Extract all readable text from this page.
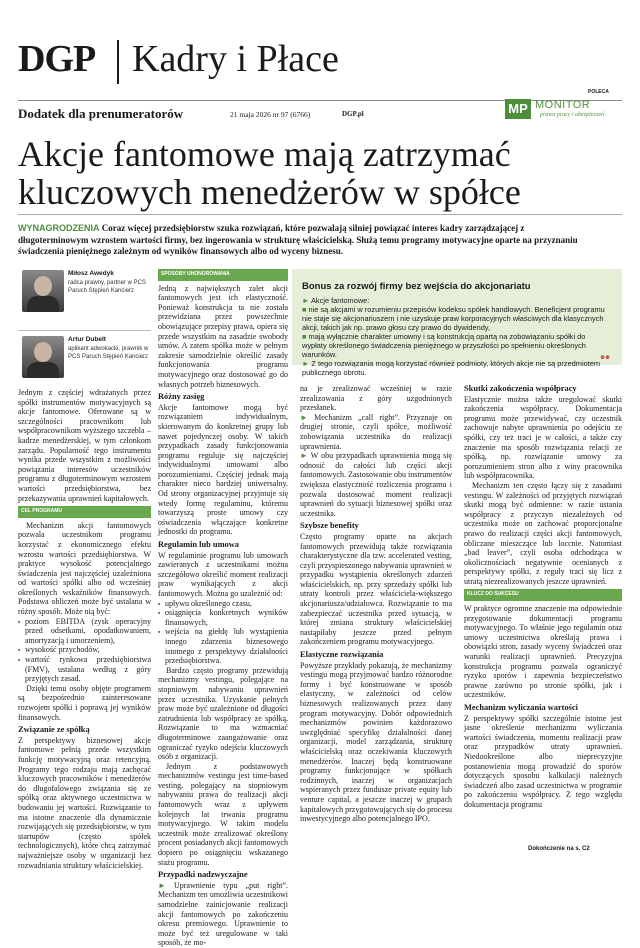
DGP Kadry i Płace
Dodatek dla prenumeratorów	21 maja 2026 nr 97 (6766)	DGP.pl
POLECA
MP MONITOR
prawa pracy i ubezpieczeń
Akcje fantomowe mają zatrzymać kluczowych menedżerów w spółce
WYNAGRODZENIA Coraz więcej przedsiębiorstw szuka rozwiązań, które pozwalają silniej powiązać interes kadry zarządzającej z długoterminowym wzrostem wartości firmy, bez ingerowania w strukturę właścicielską. Służą temu programy motywacyjne oparte na przyznaniu świadczenia pieniężnego zależnym od wyników finansowych albo od wyceny biznesu.
Miłosz Awedyk
radca prawny, partner w PCS Paruch Stępień Kancierz
Artur Dubelt
aplikant adwokacki, prawnik w PCS Paruch Stępień Kancierz

Jednym z częściej wdrażanych przez spółki instrumentów motywacyjnych są akcje fantomowe. Oferowane są w szczególności pracownikom lub współpracownikom wyższego szczebla – kadrze menedżerskiej, w tym członkom zarządu. Popularność tego instrumentu wynika przede wszystkim z możliwości powiązania interesów uczestników programu z długoterminowym wzrostem wartości przedsiębiorstwa, bez przekazywania uprawnień kapitałowych.

CEL PROGRAMU

Mechanizm akcji fantomowych pozwala uczestnikom programu korzystać z ekonomicznego efektu wzrostu wartości przedsiębiorstwa. W praktyce wysokość potencjalnego świadczenia jest najczęściej uzależniona od wartości spółki albo od wcześniej określonych wskaźników finansowych. Podstawa obliczeń może być ustalana w różny sposób. Może nią być:

■ poziom EBITDA (zysk operacyjny przed odsetkami, opodatkowaniem, amortyzacją i umorzeniem),
■ wysokość przychodów,
■ wartość rynkowa przedsiębiorstwa (FMV), ustalana według z góry przyjętych zasad.

Dzięki temu osoby objęte programem są bezpośrednio zainteresowane rozwojem spółki i poprawą jej wyników finansowych.

Związanie ze spółką

Z perspektywy biznesowej akcje fantomowe pełnią przede wszystkim funkcję motywacyjną oraz retencyjną. Programy tego rodzaju mają zachęcać kluczowych pracowników i menedżerów do długofalowego związania się ze spółką oraz aktywnego uczestnictwa w budowaniu jej wartości. Rozwiązanie to ma istotne znaczenie dla dynamicznie rozwijających się przedsiębiorstw, w tym startupów (często spółek technologicznych), które chcą zatrzymać najważniejsze osoby w organizacji bez rozwadniania struktury właścicielskiej.

SPOSOBY UHONOROWANIA

Jedną z największych zalet akcji fantomowych jest ich elastyczność. Ponieważ konstrukcja ta nie została przewidziana przez powszechnie obowiązujące przepisy prawa, opiera się przede wszystkim na zasadzie swobody umów. A zatem spółka może w pełnym zakresie samodzielnie określić zasady funkcjonowania programu motywacyjnego oraz dostosować go do własnych potrzeb biznesowych.

Różny zasięg

Akcje fantomowe mogą być rozwiązaniem indywidualnym, skierowanym do konkretnej grupy lub nawet pojedynczej osoby. W takich przypadkach zasady funkcjonowania programu reguluje się najczęściej indywidualnymi umowami albo porozumieniami. Częściej jednak mają charakter nieco bardziej uniwersalny. Od strony organizacyjnej przyjmuje się wtedy formę regulaminu, któremu towarzyszą proste umowy czy oświadczenia włączające konkretne jednostki do programu.

Regulamin lub umowa

W regulaminie programu lub umowach zawieranych z uczestnikami można szczegółowo określić moment realizacji praw wynikających z akcji fantomowych. Można go uzależnić od:

■ upływu określonego czasu,
■ osiągnięcia konkretnych wyników finansowych,
■ wejścia na giełdę lub wystąpienia innego zdarzenia biznesowego istotnego z perspektywy działalności przedsiębiorstwa.

Bardzo często programy przewidują mechanizmy vestingu, polegające na stopniowym nabywaniu uprawnień przez uczestnika. Uzyskanie pełnych praw może być uzależnione od długości zatrudnienia lub współpracy ze spółką. Rozwiązanie to ma wzmacniać długoterminowe zaangażowanie oraz ograniczać ryzyko odejścia kluczowych osób z organizacji.

Jednym z podstawowych mechanizmów vestingu jest time-based vesting, polegający na stopniowym nabywaniu prawa do realizacji akcji fantomowych wraz z upływem kolejnych lat trwania programu motywacyjnego. W takim modelu uczestnik może zrealizować określony procent posiadanych akcji fantomowych dopiero po osiągnięciu wskazanego stażu programu.

Przypadki nadzwyczajne

► Uprawnienie typu „put right”. Mechanizm ten umożliwia uczestnikowi samodzielne zainicjowanie realizacji akcji fantomowych po zakończeniu okresu premiowego. Uprawnienie to może być też uregulowane w taki sposób, że mo-

Bonus za rozwój firmy bez wejścia do akcjonariatu

► Akcje fantomowe:

■ nie są akcjami w rozumieniu przepisów kodeksu spółek handlowych. Beneficjent programu nie staje się akcjonariuszem i nie uzyskuje praw korporacyjnych właściwych dla klasycznych akcji, takich jak np. prawo głosu czy prawo do dywidendy,

■ mają wyłącznie charakter umowny i są konstrukcją opartą na zobowiązaniu spółki do wypłaty określonego świadczenia pieniężnego w przyszłości po spełnieniu określonych warunków.

► Z tego rozwiązania mogą korzystać również podmioty, których akcje nie są przedmiotem publicznego obrotu.

⊕⊕

na je zrealizować wcześniej w razie zrealizowania z góry uzgodnionych przesłanek.

► Mechanizm „call right”. Przyznaje on drugiej stronie, czyli spółce, możliwość zobowiązania uczestnika do realizacji uprawnienia.

► W obu przypadkach uprawnienia mogą się odnosić do całości lub części akcji fantomowych. Zastosowanie obu instrumentów zwiększa elastyczność rozliczenia programu i pozwala dostosować moment realizacji uprawnień do sytuacji biznesowej spółki oraz uczestnika.

Szybsze benefity

Często programy oparte na akcjach fantomowych przewidują także rozwiązania charakterystyczne dla tzw. accelerated vesting, czyli przyspieszonego nabywania uprawnień w przypadku wystąpienia określonych zdarzeń właścicielskich, np. przy sprzedaży spółki lub utraty kontroli przez właściciela-większego akcjonariusza/udziałowca. Rozwiązanie to ma zabezpieczać uczestnika przed sytuacją, w której zmiana struktury właścicielskiej nastąpiłaby jeszcze przed pełnym zakończeniem programu motywacyjnego.

Elastyczne rozwiązania

Powyższe przykłady pokazują, że mechanizmy vestingu mogą przyjmować bardzo różnorodne formy i być konstruowane w sposób elastyczny, w zależności od celów biznesowych realizowanych przez dany program motywacyjny. Dobór odpowiednich mechanizmów powinien każdorazowo uwzględniać specyfikę działalności danej organizacji, model zarządzania, strukturę właścicielską oraz oczekiwania kluczowych menedżerów. Inaczej będą konstruowane programy funkcjonujące w spółkach rodzinnych, inaczej w organizacjach wspieranych przez fundusze private equity lub venture capital, a jeszcze inaczej w grupach kapitałowych przygotowujących się do procesu inwestycyjnego albo potencjalnego IPO.

Skutki zakończenia współpracy

Elastycznie można także uregulować skutki zakończenia współpracy. Dokumentacja programu może przewidywać, czy uczestnik zachowuje nabyte uprawnienia po odejściu ze spółki, czy też traci je w całości, a także czy znaczenie ma sposób rozwiązania relacji ze spółką, np. rozwiązanie umowy za porozumieniem stron albo z winy pracownika lub współpracownika.

Mechanizm ten często łączy się z zasadami vestingu. W zależności od przyjętych rozwiązań skutki mogą być odmienne: w razie ustania współpracy z przyczyn niezależnych od uczestnika może on zachować proporcjonalne prawo do realizacji części akcji fantomowych, obliczane mieszczące lub loccnie. Natomiast „bad leaver”, czyli osoba odchodząca w okolicznościach negatywnie ocenianych z perspektywy spółki, z reguły traci się licz z utratą niezrealizowanych jeszcze uprawnień.

KLUCZ DO SUKCESU

W praktyce ogromne znaczenie ma odpowiednie przygotowanie dokumentacji programu motywacyjnego. To właśnie jego regulamin oraz umowy uczestnictwa określają prawa i obowiązki stron, zasady wyceny świadczeń oraz warunki realizacji uprawnień. Precyzyjna konstrukcja programu pozwala ograniczyć ryzyko sporów i zapewnia bezpieczeństwo prawne zarówno po stronie spółki, jak i uczestników.

Mechanizm wyliczania wartości

Z perspektywy spółki szczególnie istotne jest jasne określenie mechanizmu wyliczania wartości świadczenia, momentu realizacji praw oraz przypadków utraty uprawnień. Niedookreślone albo nieprecyzyjne postanowienia mogą prowadzić do sporów dotyczących sposobu kalkulacji należnych świadczeń albo zasad uczestnictwa w programie po zakończeniu współpracy. Z tego względu dokumentacja programu

Dokończenie na s. C2
